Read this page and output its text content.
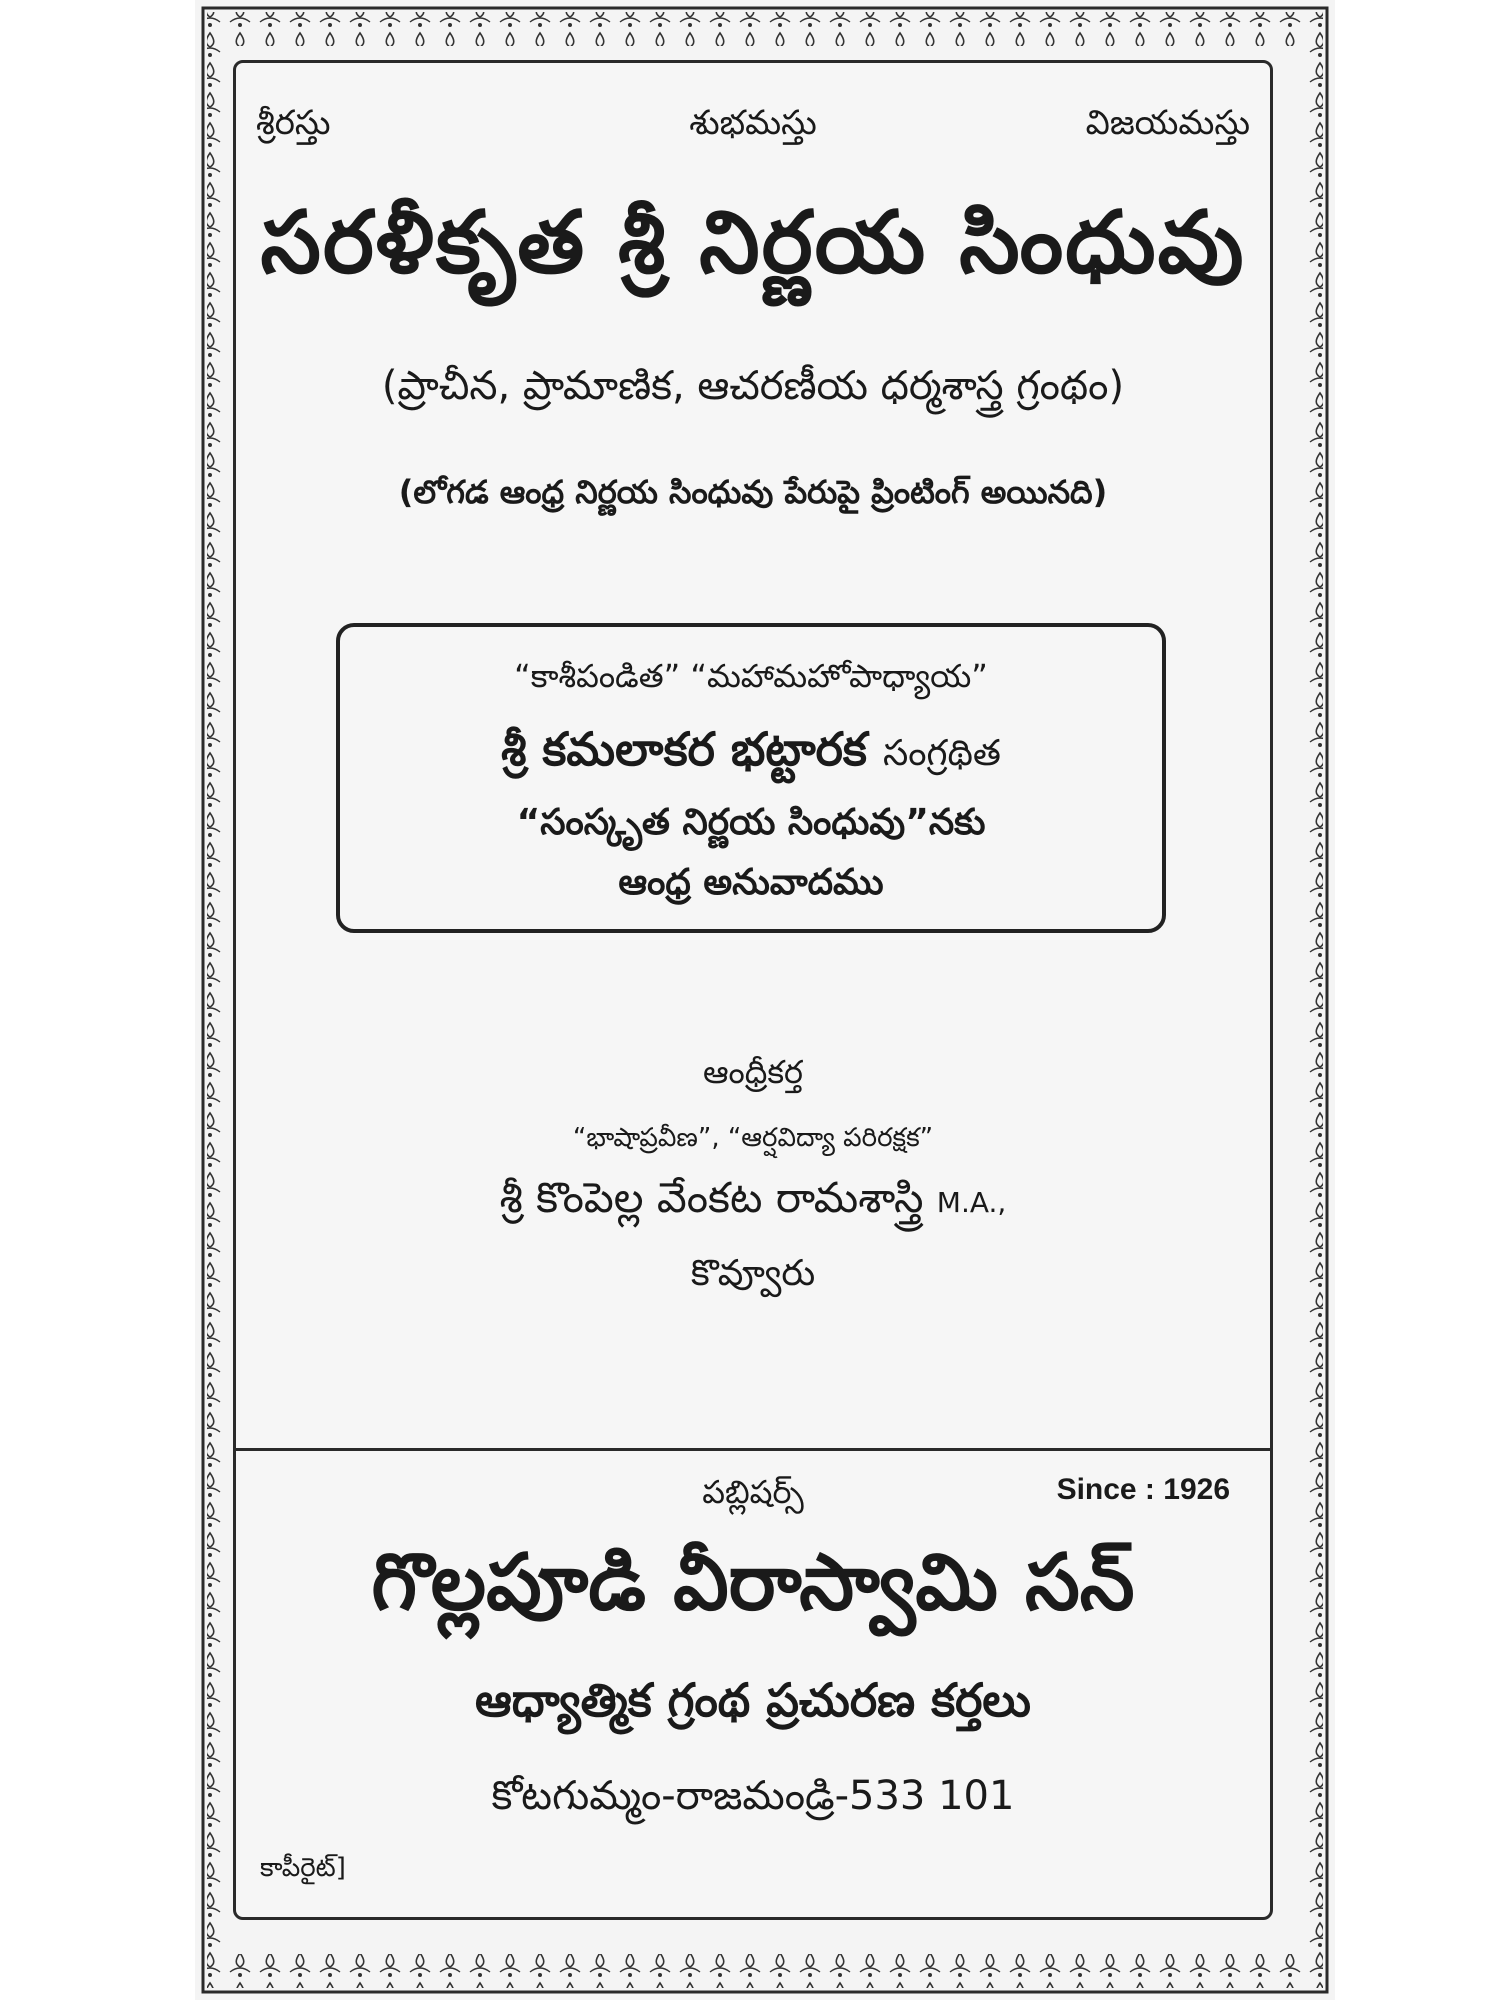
శ్రీరస్తు	శుభమస్తు	విజయమస్తు
సరళీకృత శ్రీ నిర్ణయ సింధువు
(ప్రాచీన, ప్రామాణిక, ఆచరణీయ ధర్మశాస్త్ర గ్రంథం)
(లోగడ ఆంధ్ర నిర్ణయ సింధువు పేరుపై ప్రింటింగ్ అయినది)
“కాశీపండిత” “మహామహోపాధ్యాయ”
శ్రీ కమలాకర భట్టారక సంగ్రథిత
“సంస్కృత నిర్ణయ సింధువు”నకు
ఆంధ్ర అనువాదము
ఆంధ్రీకర్త
“భాషాప్రవీణ”, “ఆర్షవిద్యా పరిరక్షక”
శ్రీ కొంపెల్ల వేంకట రామశాస్త్రి M.A.,
కొవ్వూరు
పబ్లిషర్స్	Since : 1926
గొల్లపూడి వీరాస్వామి సన్
ఆధ్యాత్మిక గ్రంథ ప్రచురణ కర్తలు
కోటగుమ్మం-రాజమండ్రి-533 101
కాపీరైట్]
